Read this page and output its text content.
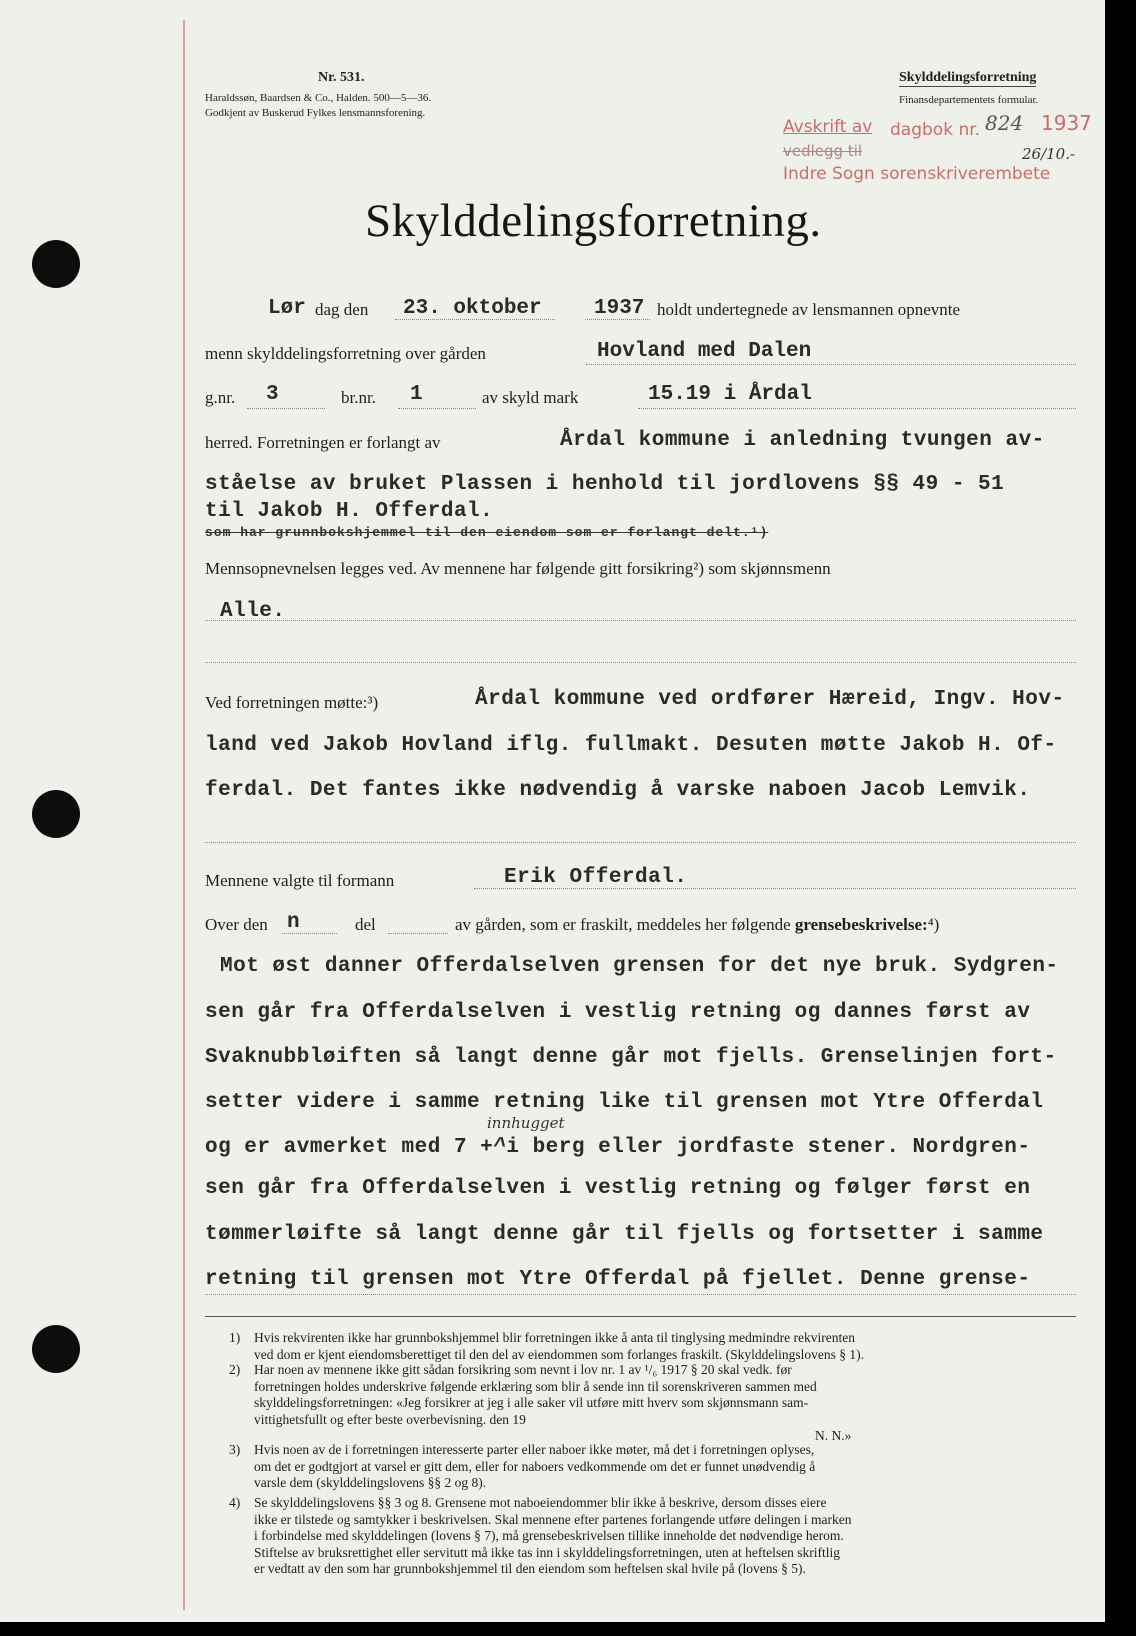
Nr. 531.
Haraldssøn, Baardsen & Co., Halden. 500—5—36.
Godkjent av Buskerud Fylkes lensmannsforening.
Skylddelingsforretning
Finansdepartementets formular.
Avskrift av dagbok nr. 824 1937
vedlegg til	26/10.-
Indre Sogn sorenskriverembete
Skylddelingsforretning.
Lør dag den 23. oktober 1937 holdt undertegnede av lensmannen opnevnte
menn skylddelingsforretning over gården	Hovland med Dalen
g.nr. 3	br.nr. 1	av skyld mark	15.19 i Årdal
herred. Forretningen er forlangt av	Årdal kommune i anledning tvungen av-
ståelse av bruket Plassen i henhold til jordlovens §§ 49 - 51
til Jakob H. Offerdal.
som har grunnbokshjemmel til den eiendom som er forlangt delt.¹)
Mennsopnevnelsen legges ved. Av mennene har følgende gitt forsikring²) som skjønnsmenn
Alle.
Ved forretningen møtte:³)	Årdal kommune ved ordfører Hæreid, Ingv. Hov-
land ved Jakob Hovland iflg. fullmakt. Desuten møtte Jakob H. Of-
ferdal. Det fantes ikke nødvendig å varske naboen Jacob Lemvik.
Mennene valgte til formann	Erik Offerdal.
Over den n	del	av gården, som er fraskilt, meddeles her følgende grensebeskrivelse:⁴)
Mot øst danner Offerdalselven grensen for det nye bruk. Sydgren-
sen går fra Offerdalselven i vestlig retning og dannes først av
Svaknubbløiften så langt denne går mot fjells. Grenselinjen fort-
setter videre i samme retning like til grensen mot Ytre Offerdal
innhugget
og er avmerket med 7 +^i berg eller jordfaste stener. Nordgren-
sen går fra Offerdalselven i vestlig retning og følger først en
tømmerløifte så langt denne går til fjells og fortsetter i samme
retning til grensen mot Ytre Offerdal på fjellet. Denne grense-
1) Hvis rekvirenten ikke har grunnbokshjemmel blir forretningen ikke å anta til tinglysing medmindre rekvirenten
ved dom er kjent eiendomsberettiget til den del av eiendommen som forlanges fraskilt. (Skylddelingslovens § 1).
2) Har noen av mennene ikke gitt sådan forsikring som nevnt i lov nr. 1 av ¹/₆ 1917 § 20 skal vedk. før
forretningen holdes underskrive følgende erklæring som blir å sende inn til sorenskriveren sammen med
skylddelingsforretningen: «Jeg forsikrer at jeg i alle saker vil utføre mitt hverv som skjønnsmann sam-
vittighetsfullt og efter beste overbevisning. den 19
N. N.»
3) Hvis noen av de i forretningen interesserte parter eller naboer ikke møter, må det i forretningen oplyses,
om det er godtgjort at varsel er gitt dem, eller for naboers vedkommende om det er funnet unødvendig å
varsle dem (skylddelingslovens §§ 2 og 8).
4) Se skylddelingslovens §§ 3 og 8. Grensene mot naboeiendommer blir ikke å beskrive, dersom disses eiere
ikke er tilstede og samtykker i beskrivelsen. Skal mennene efter partenes forlangende utføre delingen i marken
i forbindelse med skylddelingen (lovens § 7), må grensebeskrivelsen tillike inneholde det nødvendige herom.
Stiftelse av bruksrettighet eller servitutt må ikke tas inn i skylddelingsforretningen, uten at heftelsen skriftlig
er vedtatt av den som har grunnbokshjemmel til den eiendom som heftelsen skal hvile på (lovens § 5).
